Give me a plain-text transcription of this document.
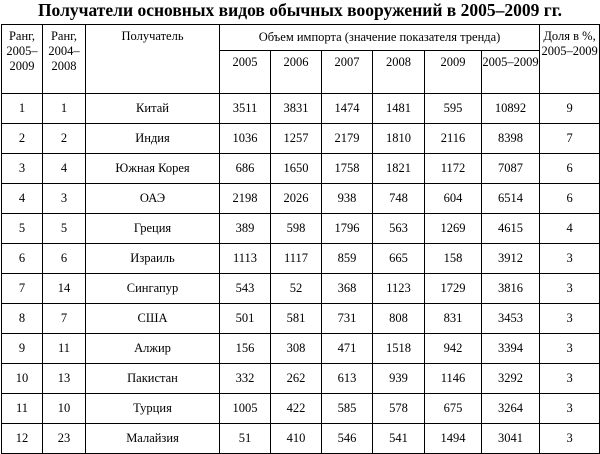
Получатели основных видов обычных вооружений в 2005–2009 гг.
Ранг, 2005–2009	Ранг, 2004–2008	Получатель	Объем импорта (значение показателя тренда)						Доля в %, 2005–2009
			2005	2006	2007	2008	2009	2005–2009	
1	1	Китай	3511	3831	1474	1481	595	10892	9
2	2	Индия	1036	1257	2179	1810	2116	8398	7
3	4	Южная Корея	686	1650	1758	1821	1172	7087	6
4	3	ОАЭ	2198	2026	938	748	604	6514	6
5	5	Греция	389	598	1796	563	1269	4615	4
6	6	Израиль	1113	1117	859	665	158	3912	3
7	14	Сингапур	543	52	368	1123	1729	3816	3
8	7	США	501	581	731	808	831	3453	3
9	11	Алжир	156	308	471	1518	942	3394	3
10	13	Пакистан	332	262	613	939	1146	3292	3
11	10	Турция	1005	422	585	578	675	3264	3
12	23	Малайзия	51	410	546	541	1494	3041	3
